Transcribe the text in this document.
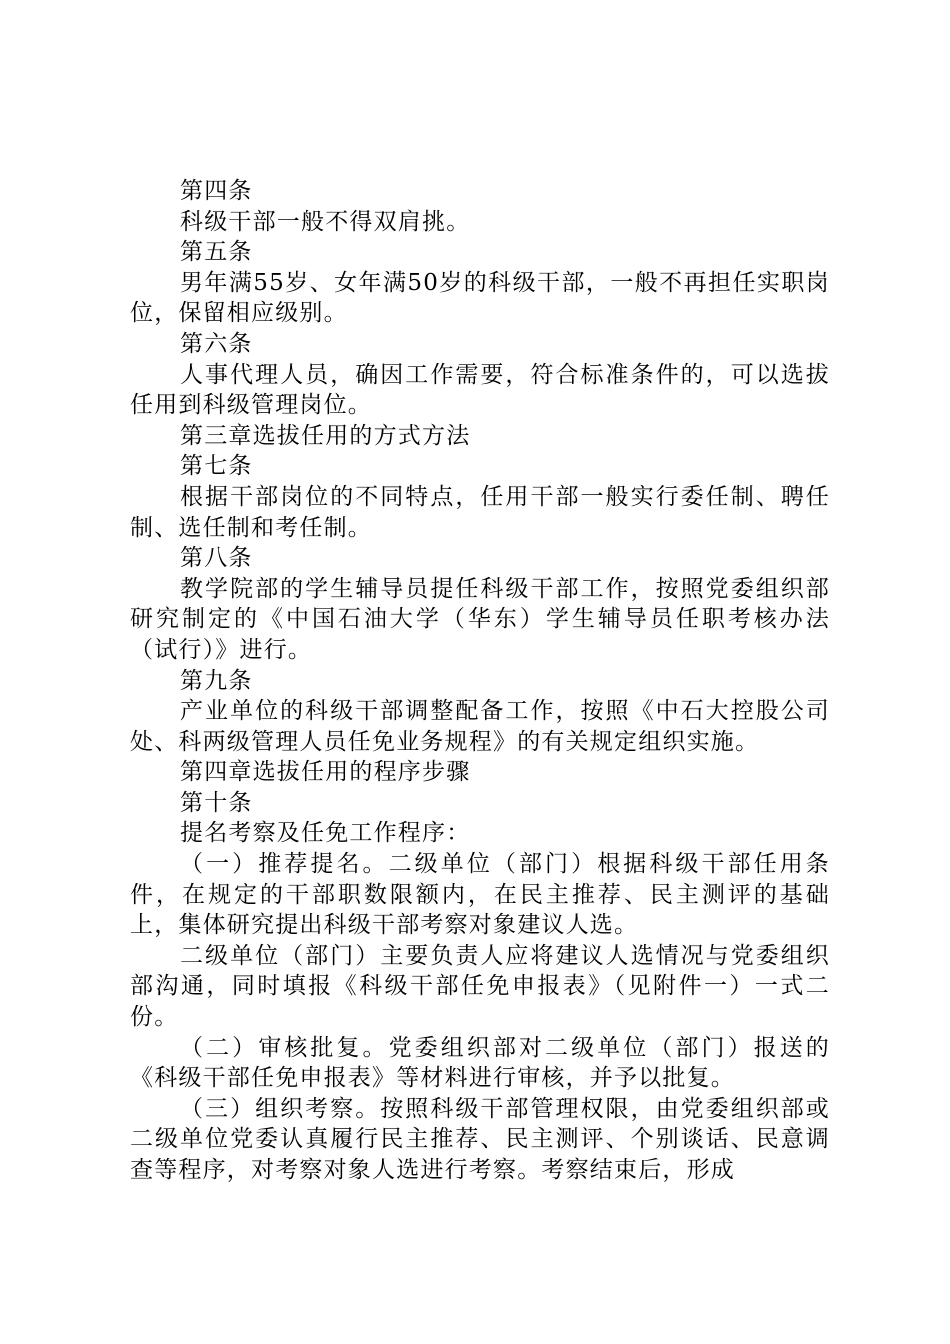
第四条

科级干部一般不得双肩挑。

第五条

男年满55岁、女年满50岁的科级干部，一般不再担任实职岗位，保留相应级别。

第六条

人事代理人员，确因工作需要，符合标准条件的，可以选拔任用到科级管理岗位。

第三章选拔任用的方式方法

第七条

根据干部岗位的不同特点，任用干部一般实行委任制、聘任制、选任制和考任制。

第八条

教学院部的学生辅导员提任科级干部工作，按照党委组织部研究制定的《中国石油大学（华东）学生辅导员任职考核办法（试行）》进行。

第九条

产业单位的科级干部调整配备工作，按照《中石大控股公司处、科两级管理人员任免业务规程》的有关规定组织实施。

第四章选拔任用的程序步骤

第十条

提名考察及任免工作程序：

（一）推荐提名。二级单位（部门）根据科级干部任用条件，在规定的干部职数限额内，在民主推荐、民主测评的基础上，集体研究提出科级干部考察对象建议人选。

二级单位（部门）主要负责人应将建议人选情况与党委组织部沟通，同时填报《科级干部任免申报表》（见附件一）一式二份。

（二）审核批复。党委组织部对二级单位（部门）报送的《科级干部任免申报表》等材料进行审核，并予以批复。

（三）组织考察。按照科级干部管理权限，由党委组织部或二级单位党委认真履行民主推荐、民主测评、个别谈话、民意调查等程序，对考察对象人选进行考察。考察结束后，形成
